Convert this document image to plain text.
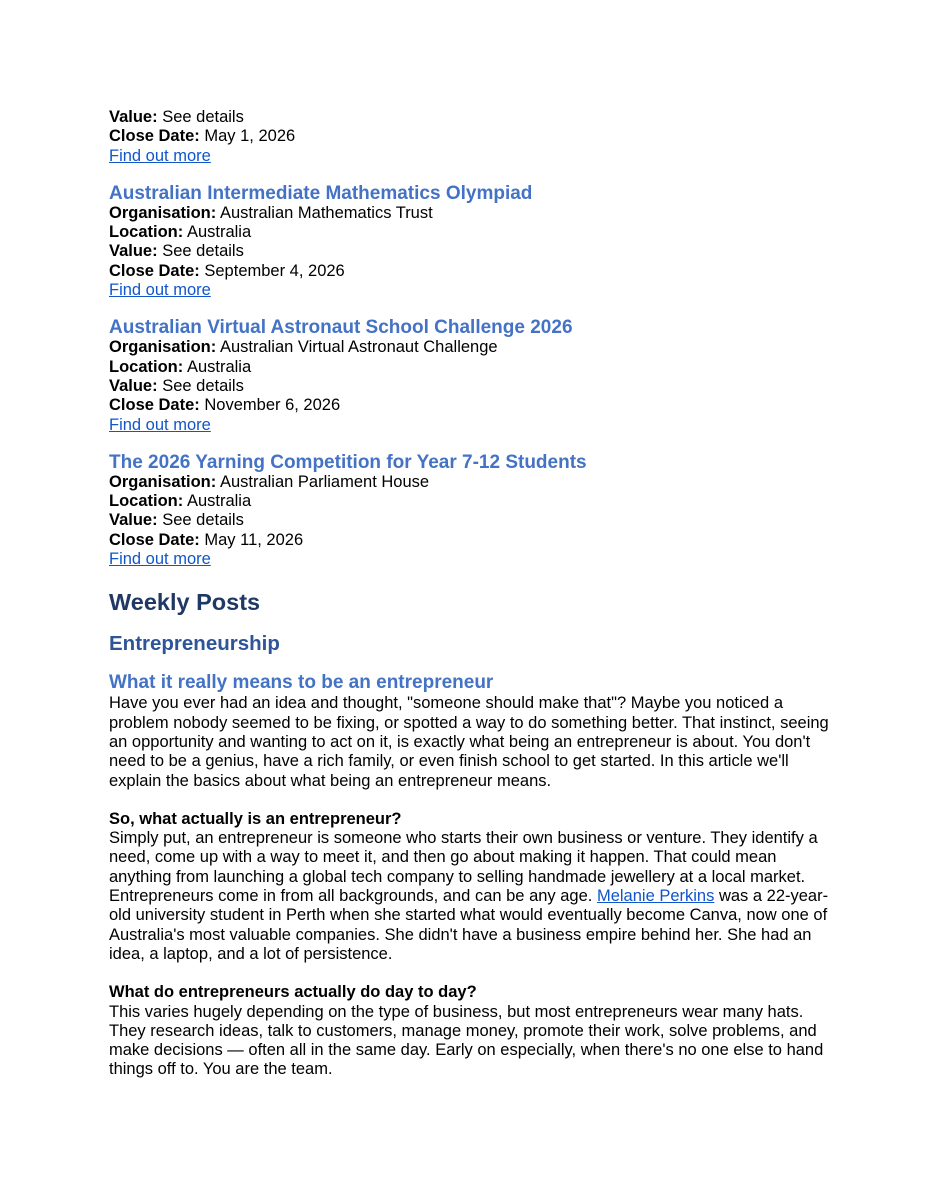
Value: See details

Close Date: May 1, 2026

Find out more

Australian Intermediate Mathematics Olympiad

Organisation: Australian Mathematics Trust

Location: Australia

Value: See details

Close Date: September 4, 2026

Find out more

Australian Virtual Astronaut School Challenge 2026

Organisation: Australian Virtual Astronaut Challenge

Location: Australia

Value: See details

Close Date: November 6, 2026

Find out more

The 2026 Yarning Competition for Year 7-12 Students

Organisation: Australian Parliament House

Location: Australia

Value: See details

Close Date: May 11, 2026

Find out more

Weekly Posts
Entrepreneurship
What it really means to be an entrepreneur

Have you ever had an idea and thought, "someone should make that"? Maybe you noticed a problem nobody seemed to be fixing, or spotted a way to do something better. That instinct, seeing an opportunity and wanting to act on it, is exactly what being an entrepreneur is about. You don't need to be a genius, have a rich family, or even finish school to get started. In this article we'll explain the basics about what being an entrepreneur means.

So, what actually is an entrepreneur?

Simply put, an entrepreneur is someone who starts their own business or venture. They identify a need, come up with a way to meet it, and then go about making it happen. That could mean anything from launching a global tech company to selling handmade jewellery at a local market. Entrepreneurs come in from all backgrounds, and can be any age. Melanie Perkins was a 22-year-old university student in Perth when she started what would eventually become Canva, now one of Australia's most valuable companies. She didn't have a business empire behind her. She had an idea, a laptop, and a lot of persistence.

What do entrepreneurs actually do day to day?

This varies hugely depending on the type of business, but most entrepreneurs wear many hats. They research ideas, talk to customers, manage money, promote their work, solve problems, and make decisions — often all in the same day. Early on especially, when there's no one else to hand things off to. You are the team.
